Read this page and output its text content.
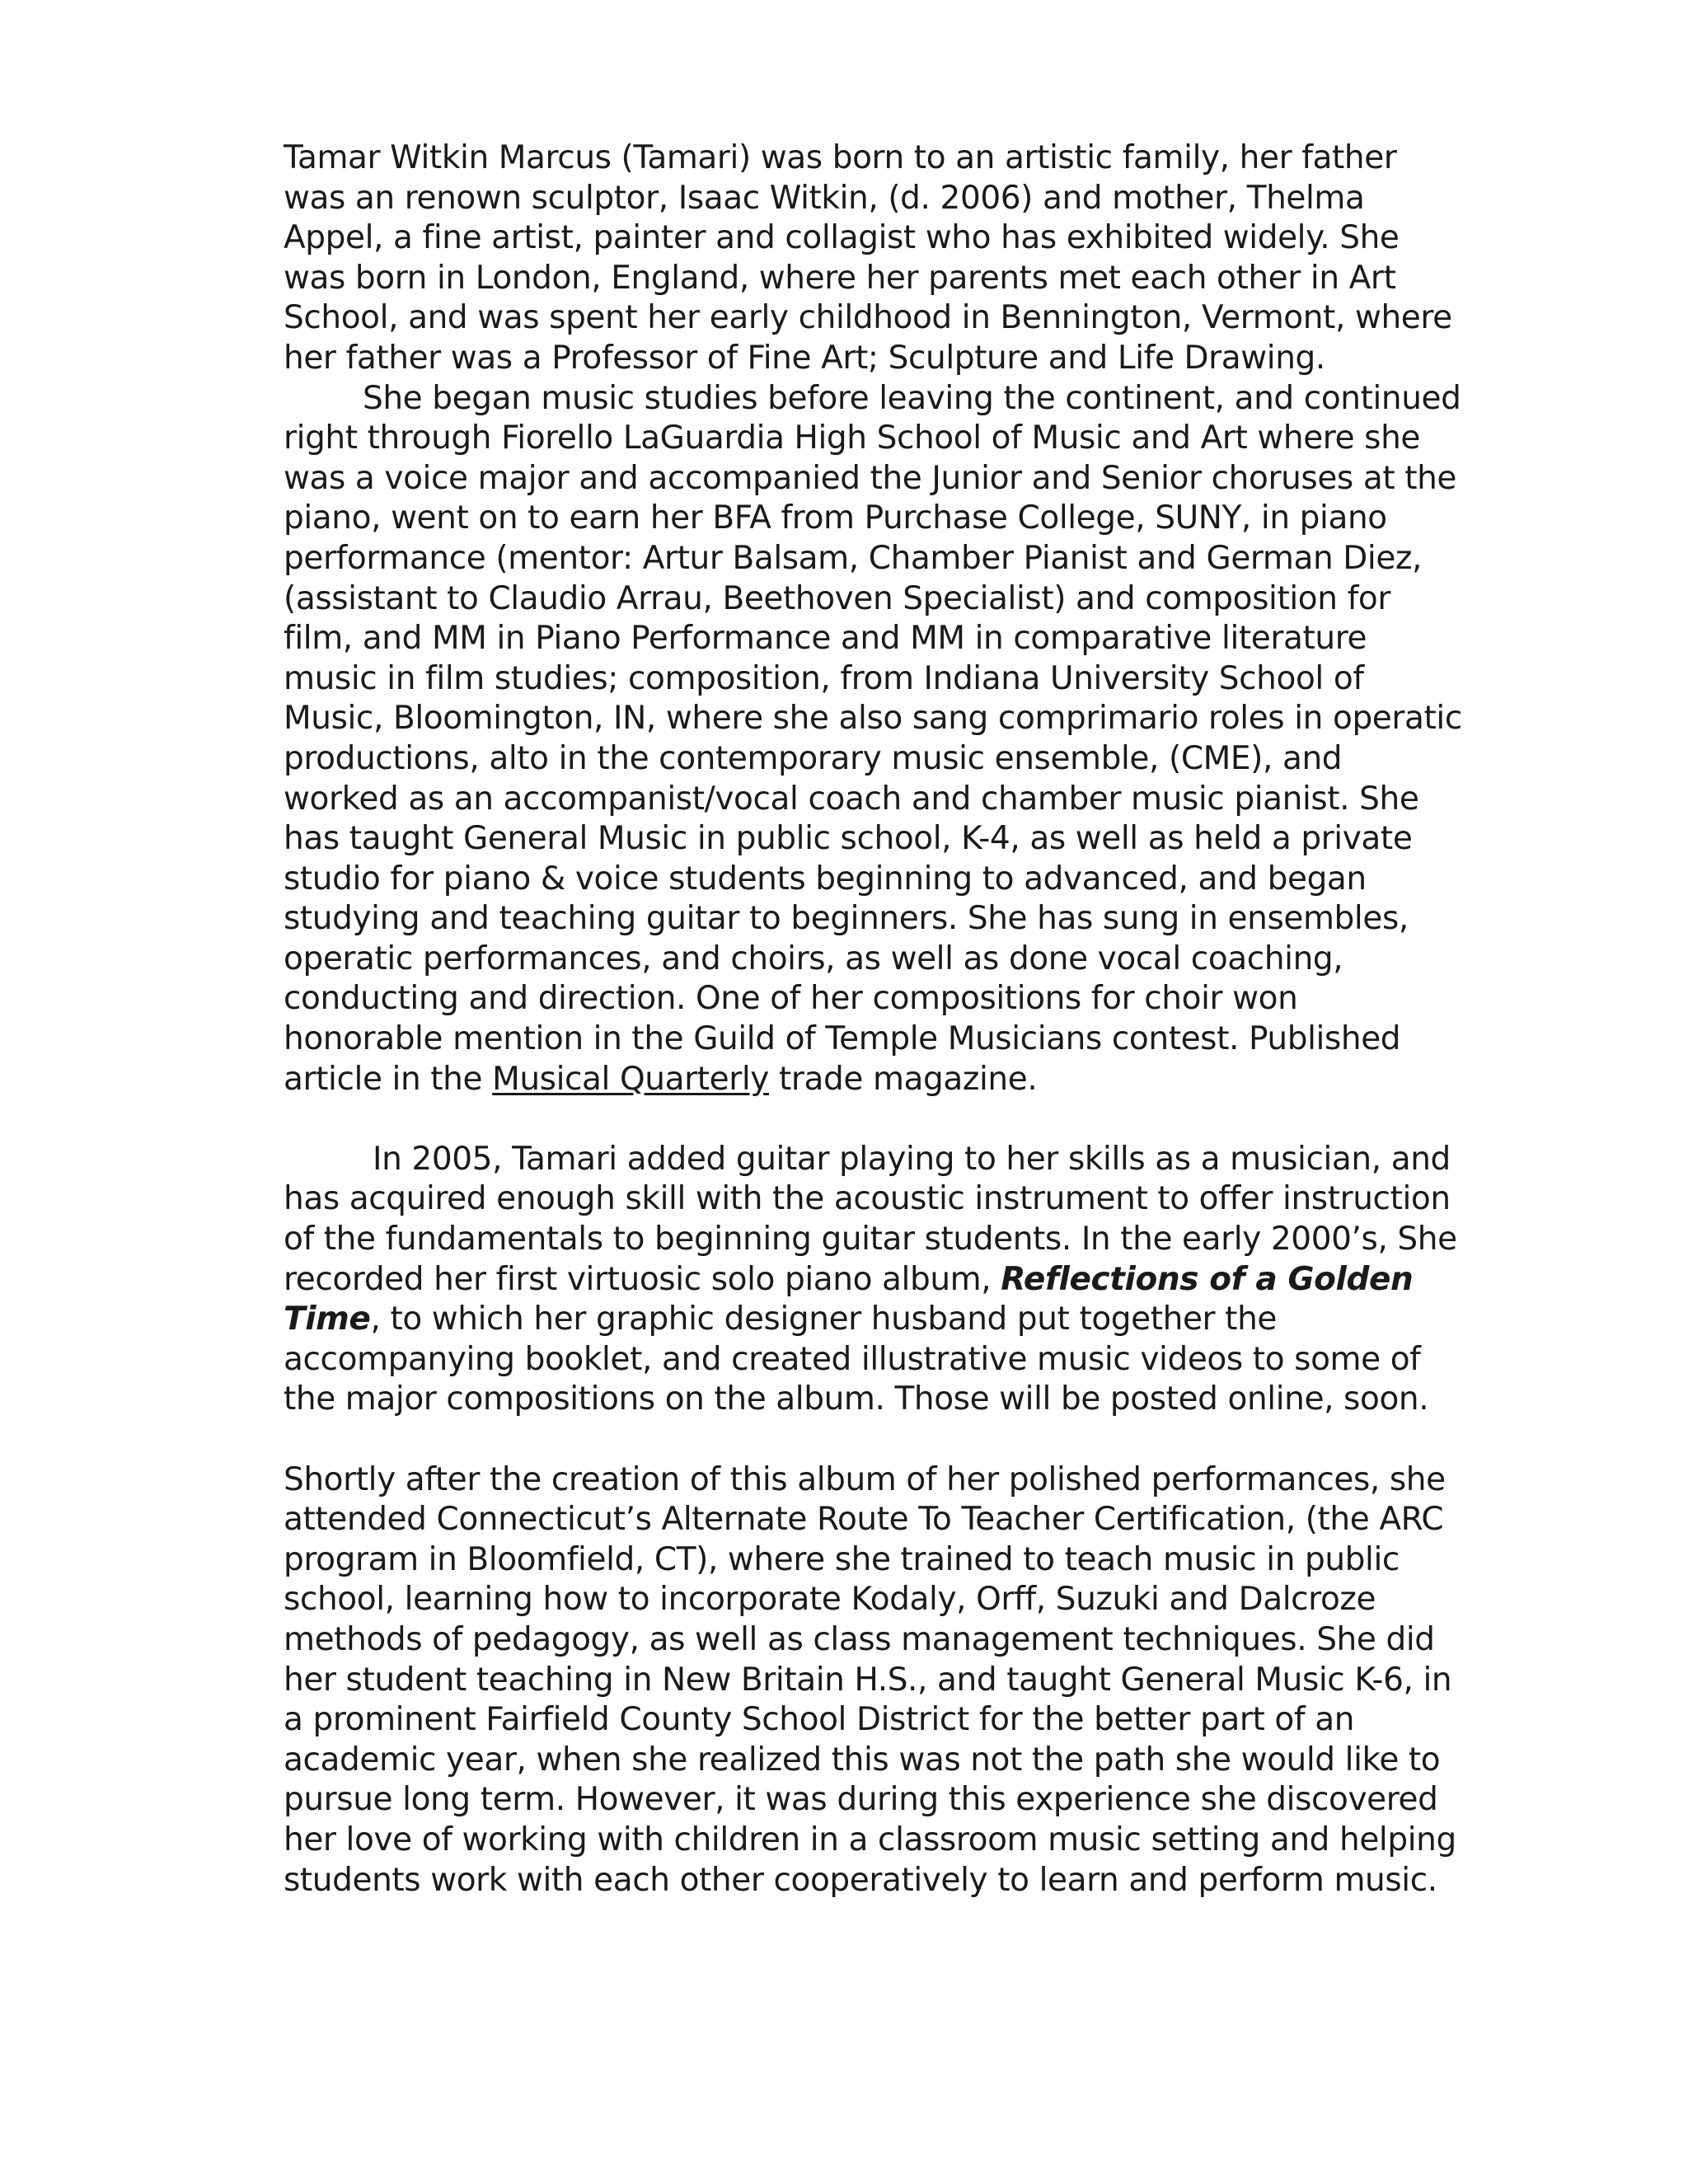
Tamar Witkin Marcus (Tamari) was born to an artistic family, her father was an renown sculptor, Isaac Witkin, (d. 2006) and mother, Thelma Appel, a fine artist, painter and collagist who has exhibited widely. She was born in London, England, where her parents met each other in Art School, and was spent her early childhood in Bennington, Vermont, where her father was a Professor of Fine Art; Sculpture and Life Drawing.

She began music studies before leaving the continent, and continued right through Fiorello LaGuardia High School of Music and Art where she was a voice major and accompanied the Junior and Senior choruses at the piano, went on to earn her BFA from Purchase College, SUNY, in piano performance (mentor: Artur Balsam, Chamber Pianist and German Diez, (assistant to Claudio Arrau, Beethoven Specialist) and composition for film, and MM in Piano Performance and MM in comparative literature music in film studies; composition, from Indiana University School of Music, Bloomington, IN, where she also sang comprimario roles in operatic productions, alto in the contemporary music ensemble, (CME), and worked as an accompanist/vocal coach and chamber music pianist. She has taught General Music in public school, K-4, as well as held a private studio for piano & voice students beginning to advanced, and began studying and teaching guitar to beginners. She has sung in ensembles, operatic performances, and choirs, as well as done vocal coaching, conducting and direction. One of her compositions for choir won honorable mention in the Guild of Temple Musicians contest. Published article in the Musical Quarterly trade magazine.

In 2005, Tamari added guitar playing to her skills as a musician, and has acquired enough skill with the acoustic instrument to offer instruction of the fundamentals to beginning guitar students. In the early 2000’s, She recorded her first virtuosic solo piano album, Reflections of a Golden Time, to which her graphic designer husband put together the accompanying booklet, and created illustrative music videos to some of the major compositions on the album. Those will be posted online, soon.

Shortly after the creation of this album of her polished performances, she attended Connecticut’s Alternate Route To Teacher Certification, (the ARC program in Bloomfield, CT), where she trained to teach music in public school, learning how to incorporate Kodaly, Orff, Suzuki and Dalcroze methods of pedagogy, as well as class management techniques. She did her student teaching in New Britain H.S., and taught General Music K-6, in a prominent Fairfield County School District for the better part of an academic year, when she realized this was not the path she would like to pursue long term. However, it was during this experience she discovered her love of working with children in a classroom music setting and helping students work with each other cooperatively to learn and perform music.
